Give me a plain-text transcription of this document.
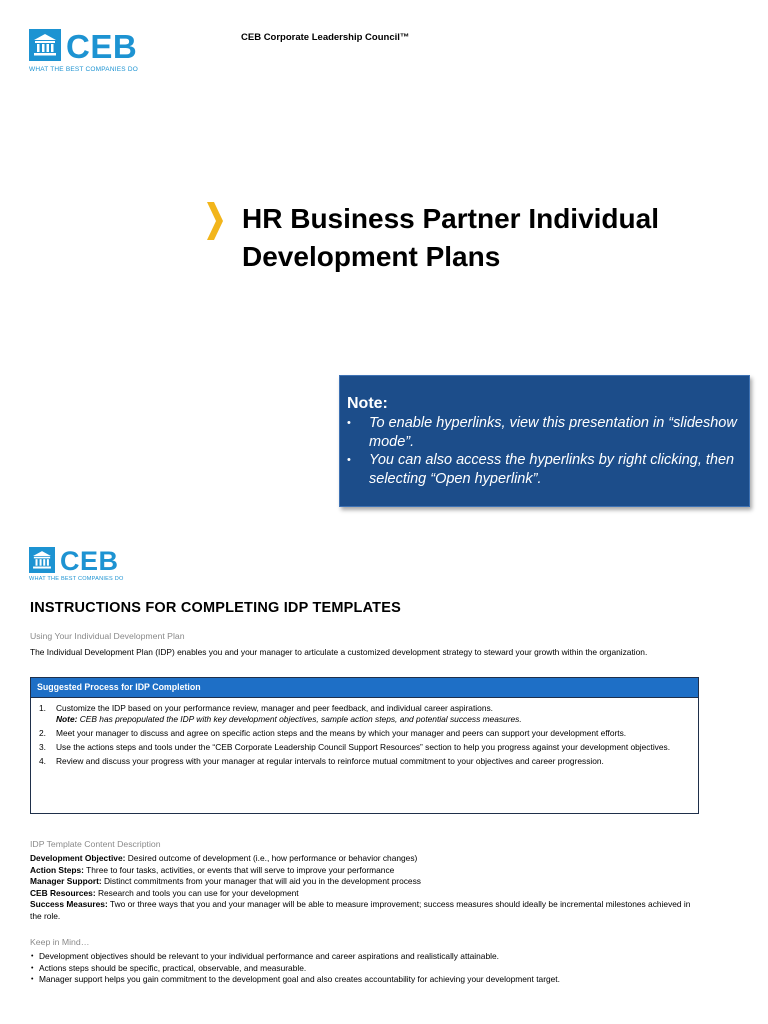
CEB
WHAT THE BEST COMPANIES DO
CEB Corporate Leadership Council™
HR Business Partner Individual Development Plans
Note:
• To enable hyperlinks, view this presentation in “slideshow mode”.
• You can also access the hyperlinks by right clicking, then selecting “Open hyperlink”.
CEB
WHAT THE BEST COMPANIES DO
INSTRUCTIONS FOR COMPLETING IDP TEMPLATES
Using Your Individual Development Plan

The Individual Development Plan (IDP) enables you and your manager to articulate a customized development strategy to steward your growth within the organization.

Suggested Process for IDP Completion
1. Customize the IDP based on your performance review, manager and peer feedback, and individual career aspirations.
Note: CEB has prepopulated the IDP with key development objectives, sample action steps, and potential success measures.
2. Meet your manager to discuss and agree on specific action steps and the means by which your manager and peers can support your development efforts.
3. Use the actions steps and tools under the “CEB Corporate Leadership Council Support Resources” section to help you progress against your development objectives.
4. Review and discuss your progress with your manager at regular intervals to reinforce mutual commitment to your objectives and career progression.
IDP Template Content Description
Development Objective: Desired outcome of development (i.e., how performance or behavior changes)
Action Steps: Three to four tasks, activities, or events that will serve to improve your performance
Manager Support: Distinct commitments from your manager that will aid you in the development process
CEB Resources: Research and tools you can use for your development
Success Measures: Two or three ways that you and your manager will be able to measure improvement; success measures should ideally be incremental milestones achieved in the role.
Keep in Mind…
• Development objectives should be relevant to your individual performance and career aspirations and realistically attainable.
• Actions steps should be specific, practical, observable, and measurable.
• Manager support helps you gain commitment to the development goal and also creates accountability for achieving your development target.
